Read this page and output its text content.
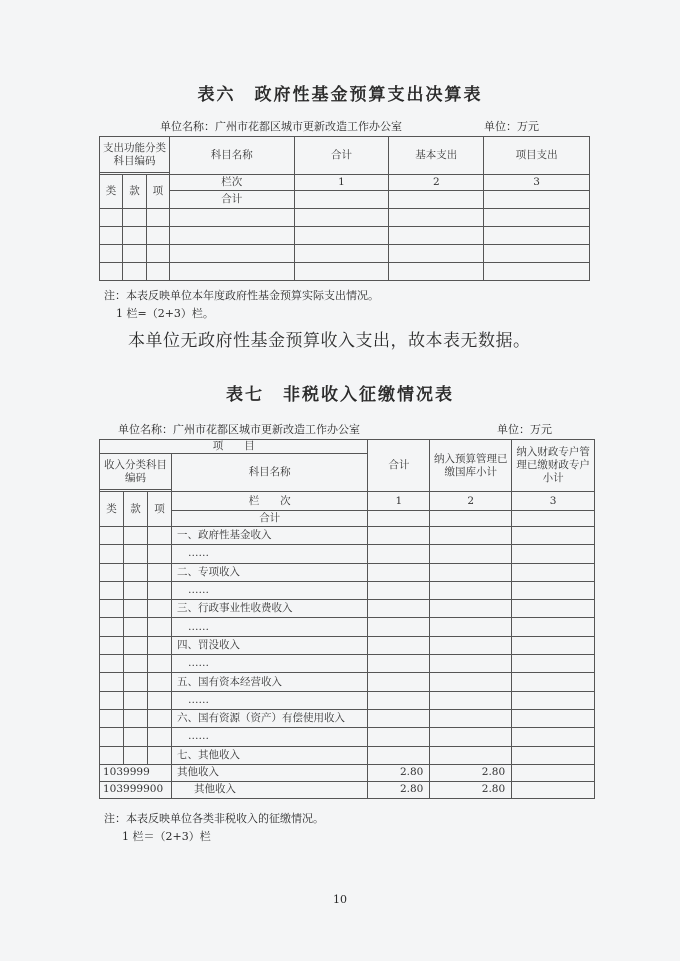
表六　政府性基金预算支出决算表
单位名称：广州市花都区城市更新改造工作办公室	单位：万元
支出功能分类科目编码			科目名称	合计	基本支出	项目支出

类	款	项	栏次	1	2	3
			合计			

注：本表反映单位本年度政府性基金预算实际支出情况。
1 栏=（2+3）栏。
本单位无政府性基金预算收入支出，故本表无数据。
表七　非税收入征缴情况表
单位名称：广州市花都区城市更新改造工作办公室	单位：万元
项　　目				合计	纳入预算管理已缴国库小计	纳入财政专户管理已缴财政专户小计
收入分类科目编码			科目名称			

类	款	项	栏　　次	1	2	3
			合计			
			一、政府性基金收入			
			……			
			二、专项收入			
			……			
			三、行政事业性收费收入			
			……			
			四、罚没收入			
			……			
			五、国有资本经营收入			
			……			
			六、国有资源（资产）有偿使用收入			
			……			
			七、其他收入			
1039999			其他收入	2.80	2.80	
103999900			其他收入	2.80	2.80	
注：本表反映单位各类非税收入的征缴情况。
1 栏＝（2+3）栏
10
